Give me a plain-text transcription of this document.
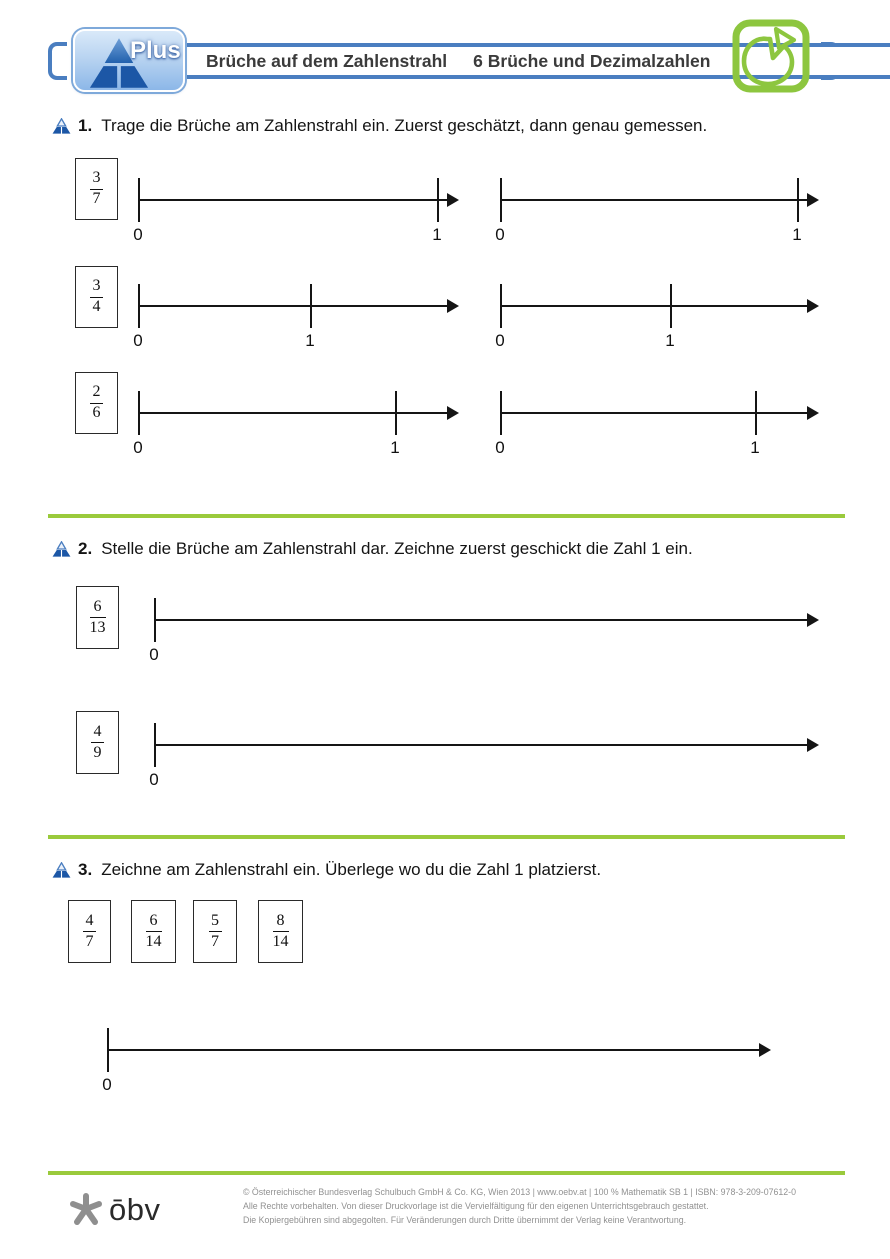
Brüche auf dem Zahlenstrahl 6 Brüche und Dezimalzahlen
Plus
1. Trage die Brüche am Zahlenstrahl ein. Zuerst geschätzt, dann genau gemessen.
$\frac{3}{7}$
0	1	0	1
$\frac{3}{4}$
0	1	0	1
$\frac{2}{6}$
0	1	0	1
2. Stelle die Brüche am Zahlenstrahl dar. Zeichne zuerst geschickt die Zahl 1 ein.
$\frac{6}{13}$
0
$\frac{4}{9}$
0
3. Zeichne am Zahlenstrahl ein. Überlege wo du die Zahl 1 platzierst.
$\frac{4}{7}$	$\frac{6}{14}$	$\frac{5}{7}$	$\frac{8}{14}$
0
ōbv	© Österreichischer Bundesverlag Schulbuch GmbH & Co. KG, Wien 2013 | www.oebv.at | 100 % Mathematik SB 1 | ISBN: 978-3-209-07612-0
Alle Rechte vorbehalten. Von dieser Druckvorlage ist die Vervielfältigung für den eigenen Unterrichtsgebrauch gestattet.
Die Kopiergebühren sind abgegolten. Für Veränderungen durch Dritte übernimmt der Verlag keine Verantwortung.
